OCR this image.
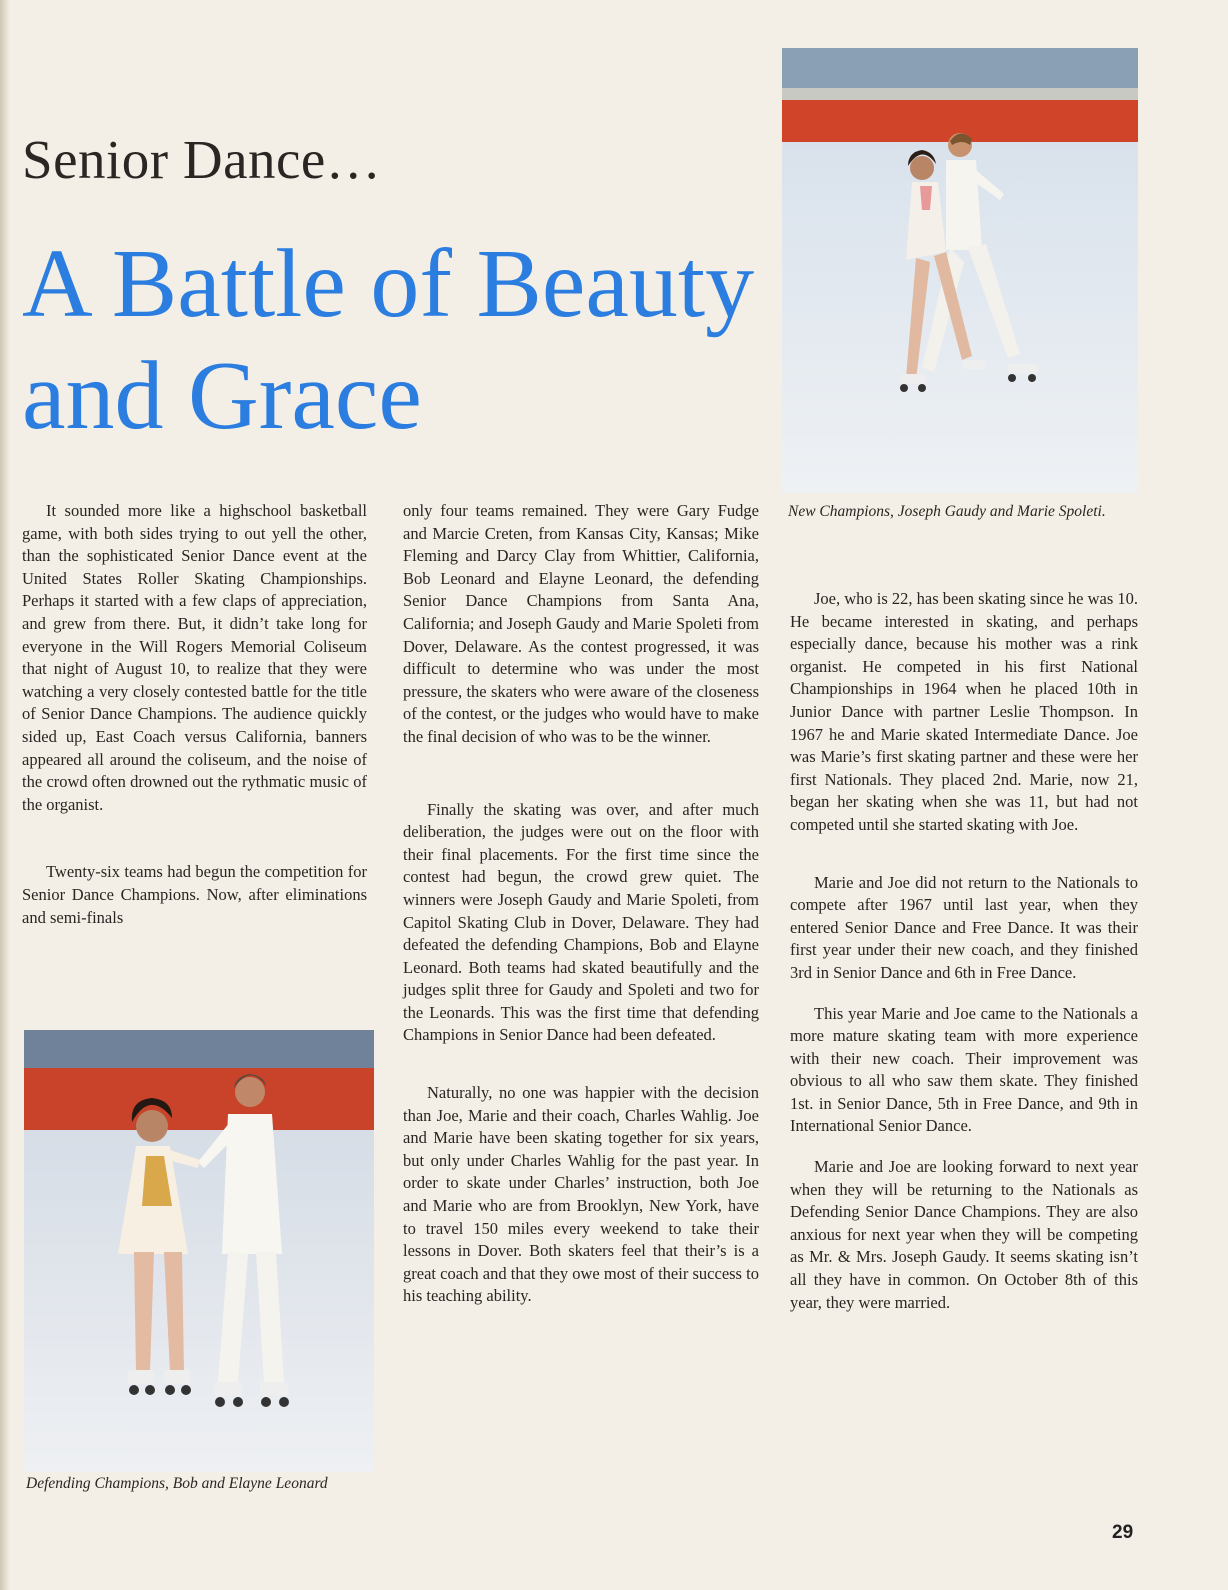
Senior Dance…
A Battle of Beauty and Grace
New Champions, Joseph Gaudy and Marie Spoleti.
Defending Champions, Bob and Elayne Leonard

It sounded more like a highschool basketball game, with both sides trying to out yell the other, than the sophisticated Senior Dance event at the United States Roller Skating Championships. Perhaps it started with a few claps of appreciation, and grew from there. But, it didn’t take long for everyone in the Will Rogers Memorial Coliseum that night of August 10, to realize that they were watching a very closely contested battle for the title of Senior Dance Champions. The audience quickly sided up, East Coach versus California, banners appeared all around the coliseum, and the noise of the crowd often drowned out the rythmatic music of the organist.

Twenty-six teams had begun the competition for Senior Dance Champions. Now, after eliminations and semi-finals

only four teams remained. They were Gary Fudge and Marcie Creten, from Kansas City, Kansas; Mike Fleming and Darcy Clay from Whittier, California, Bob Leonard and Elayne Leonard, the defending Senior Dance Champions from Santa Ana, California; and Joseph Gaudy and Marie Spoleti from Dover, Delaware. As the contest progressed, it was difficult to determine who was under the most pressure, the skaters who were aware of the closeness of the contest, or the judges who would have to make the final decision of who was to be the winner.

Finally the skating was over, and after much deliberation, the judges were out on the floor with their final placements. For the first time since the contest had begun, the crowd grew quiet. The winners were Joseph Gaudy and Marie Spoleti, from Capitol Skating Club in Dover, Delaware. They had defeated the defending Champions, Bob and Elayne Leonard. Both teams had skated beautifully and the judges split three for Gaudy and Spoleti and two for the Leonards. This was the first time that defending Champions in Senior Dance had been defeated.

Naturally, no one was happier with the decision than Joe, Marie and their coach, Charles Wahlig. Joe and Marie have been skating together for six years, but only under Charles Wahlig for the past year. In order to skate under Charles’ instruction, both Joe and Marie who are from Brooklyn, New York, have to travel 150 miles every weekend to take their lessons in Dover. Both skaters feel that their’s is a great coach and that they owe most of their success to his teaching ability.

Joe, who is 22, has been skating since he was 10. He became interested in skating, and perhaps especially dance, because his mother was a rink organist. He competed in his first National Championships in 1964 when he placed 10th in Junior Dance with partner Leslie Thompson. In 1967 he and Marie skated Intermediate Dance. Joe was Marie’s first skating partner and these were her first Nationals. They placed 2nd. Marie, now 21, began her skating when she was 11, but had not competed until she started skating with Joe.

Marie and Joe did not return to the Nationals to compete after 1967 until last year, when they entered Senior Dance and Free Dance. It was their first year under their new coach, and they finished 3rd in Senior Dance and 6th in Free Dance.

This year Marie and Joe came to the Nationals a more mature skating team with more experience with their new coach. Their improvement was obvious to all who saw them skate. They finished 1st. in Senior Dance, 5th in Free Dance, and 9th in International Senior Dance.

Marie and Joe are looking forward to next year when they will be returning to the Nationals as Defending Senior Dance Champions. They are also anxious for next year when they will be competing as Mr. & Mrs. Joseph Gaudy. It seems skating isn’t all they have in common. On October 8th of this year, they were married.

29
